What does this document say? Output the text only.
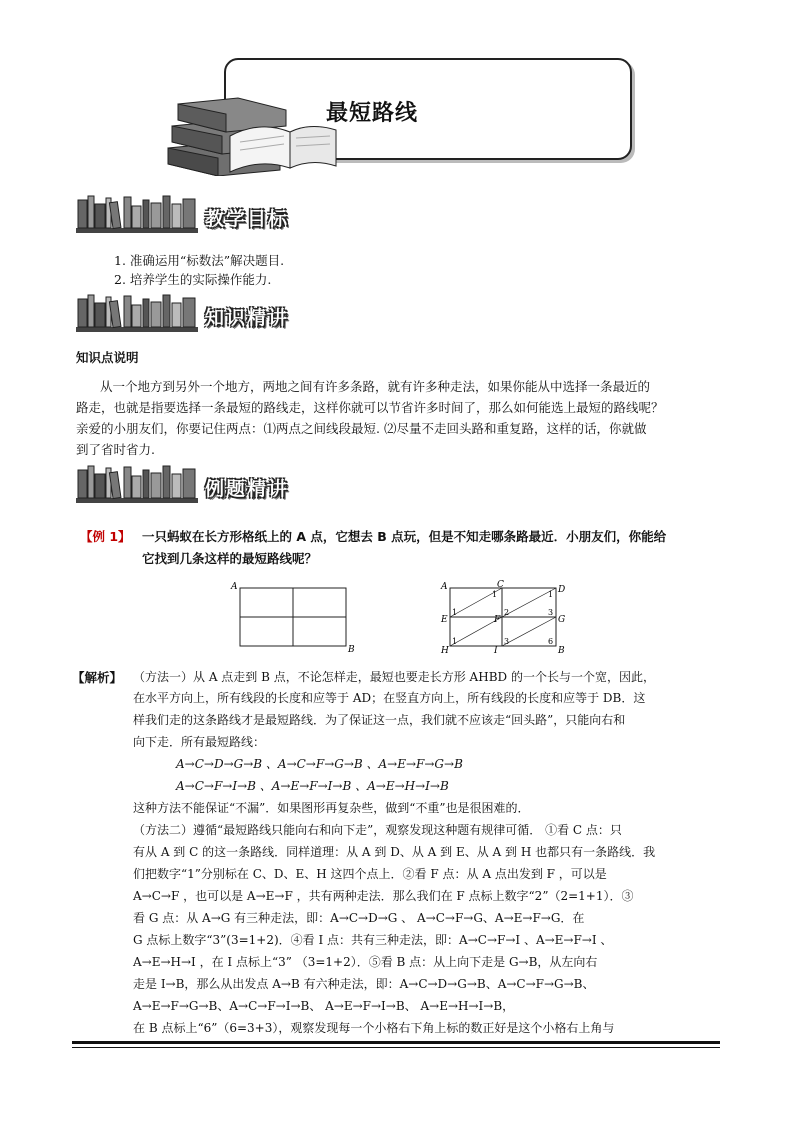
最短路线
教学目标
1. 准确运用“标数法”解决题目.
2. 培养学生的实际操作能力.
知识精讲
知识点说明
从一个地方到另外一个地方，两地之间有许多条路，就有许多种走法，如果你能从中选择一条最近的
路走，也就是指要选择一条最短的路线走，这样你就可以节省许多时间了，那么如何能选上最短的路线呢？
亲爱的小朋友们，你要记住两点：⑴两点之间线段最短. ⑵尽量不走回头路和重复路，这样的话，你就做
到了省时省力.
例题精讲
【例 1】 一只蚂蚁在长方形格纸上的 A 点，它想去 B 点玩，但是不知走哪条路最近．小朋友们，你能给
它找到几条这样的最短路线呢？
A
B
A	C	D
E	F	G
H	I	B
1	1
1	2	3
1	3	6
【解析】 （方法一）从 A 点走到 B 点，不论怎样走，最短也要走长方形 AHBD 的一个长与一个宽，因此，
在水平方向上，所有线段的长度和应等于 AD；在竖直方向上，所有线段的长度和应等于 DB．这
样我们走的这条路线才是最短路线．为了保证这一点，我们就不应该走“回头路”，只能向右和
向下走．所有最短路线：
A→C→D→G→B 、A→C→F→G→B 、A→E→F→G→B
A→C→F→I→B 、A→E→F→I→B 、A→E→H→I→B
这种方法不能保证“不漏”．如果图形再复杂些，做到“不重”也是很困难的．
（方法二）遵循“最短路线只能向右和向下走”，观察发现这种题有规律可循． ①看 C 点：只
有从 A 到 C 的这一条路线．同样道理：从 A 到 D、从 A 到 E、从 A 到 H 也都只有一条路线．我
们把数字“1”分别标在 C、D、E、H 这四个点上．②看 F 点：从 A 点出发到 F ，可以是
A→C→F ，也可以是 A→E→F ，共有两种走法．那么我们在 F 点标上数字“2”（2=1+1）．③
看 G 点：从 A→G 有三种走法，即：A→C→D→G 、 A→C→F→G、A→E→F→G．在
G 点标上数字“3”(3=1+2)．④看 I 点：共有三种走法，即：A→C→F→I 、A→E→F→I 、
A→E→H→I ，在 I 点标上“3” （3=1+2）．⑤看 B 点：从上向下走是 G→B，从左向右
走是 I→B，那么从出发点 A→B 有六种走法，即：A→C→D→G→B、A→C→F→G→B、
A→E→F→G→B、A→C→F→I→B、 A→E→F→I→B、 A→E→H→I→B，
在 B 点标上“6”（6=3+3），观察发现每一个小格右下角上标的数正好是这个小格右上角与
